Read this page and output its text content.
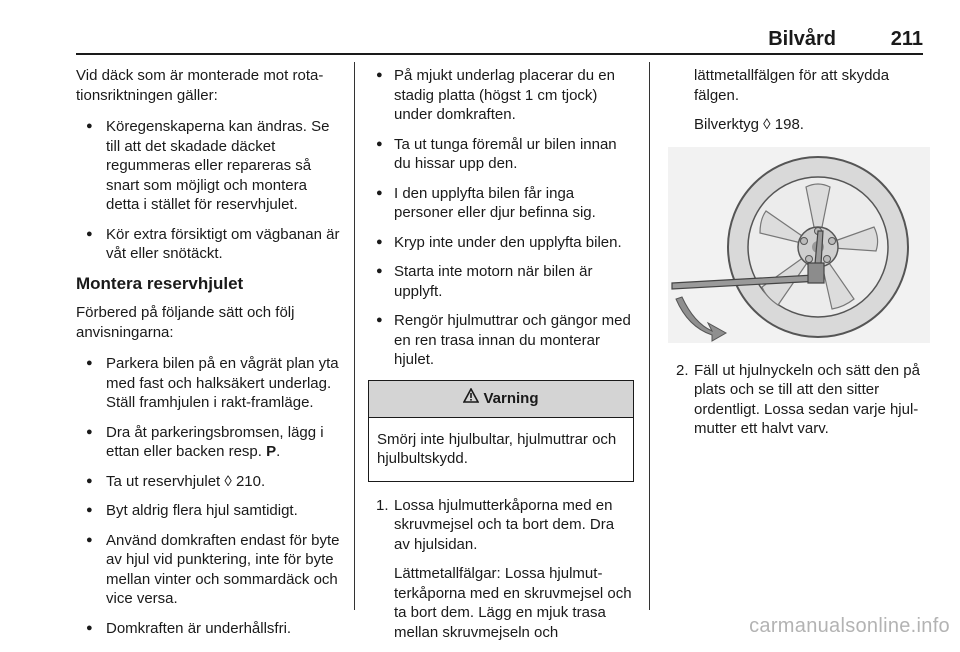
Bilvård	211

Vid däck som är monterade mot rota-tionsriktningen gäller:

● Köregenskaperna kan ändras. Se till att det skadade däcket regummeras eller repareras så snart som möjligt och montera detta i stället för reservhjulet.
● Kör extra försiktigt om vägbanan är våt eller snötäckt.
Montera reservhjulet

Förbered på följande sätt och följ anvisningarna:

● Parkera bilen på en vågrät plan yta med fast och halksäkert underlag. Ställ framhjulen i rakt-framläge.
● Dra åt parkeringsbromsen, lägg i ettan eller backen resp. P.
● Ta ut reservhjulet ◊ 210.
● Byt aldrig flera hjul samtidigt.
● Använd domkraften endast för byte av hjul vid punktering, inte för byte mellan vinter och sommardäck och vice versa.
● Domkraften är underhållsfri.
● På mjukt underlag placerar du en stadig platta (högst 1 cm tjock) under domkraften.
● Ta ut tunga föremål ur bilen innan du hissar upp den.
● I den upplyfta bilen får inga personer eller djur befinna sig.
● Kryp inte under den upplyfta bilen.
● Starta inte motorn när bilen är upplyft.
● Rengör hjulmuttrar och gängor med en ren trasa innan du monterar hjulet.
Varning
Smörj inte hjulbultar, hjulmuttrar och hjulbultskydd.
1. Lossa hjulmutterkåporna med en skruvmejsel och ta bort dem. Dra av hjulsidan.

Lättmetallfälgar: Lossa hjulmut-terkåporna med en skruvmejsel och ta bort dem. Lägg en mjuk trasa mellan skruvmejseln och

lättmetallfälgen för att skydda fälgen.

Bilverktyg ◊ 198.

2. Fäll ut hjulnyckeln och sätt den på plats och se till att den sitter ordentligt. Lossa sedan varje hjul-mutter ett halvt varv.

carmanualsonline.info
